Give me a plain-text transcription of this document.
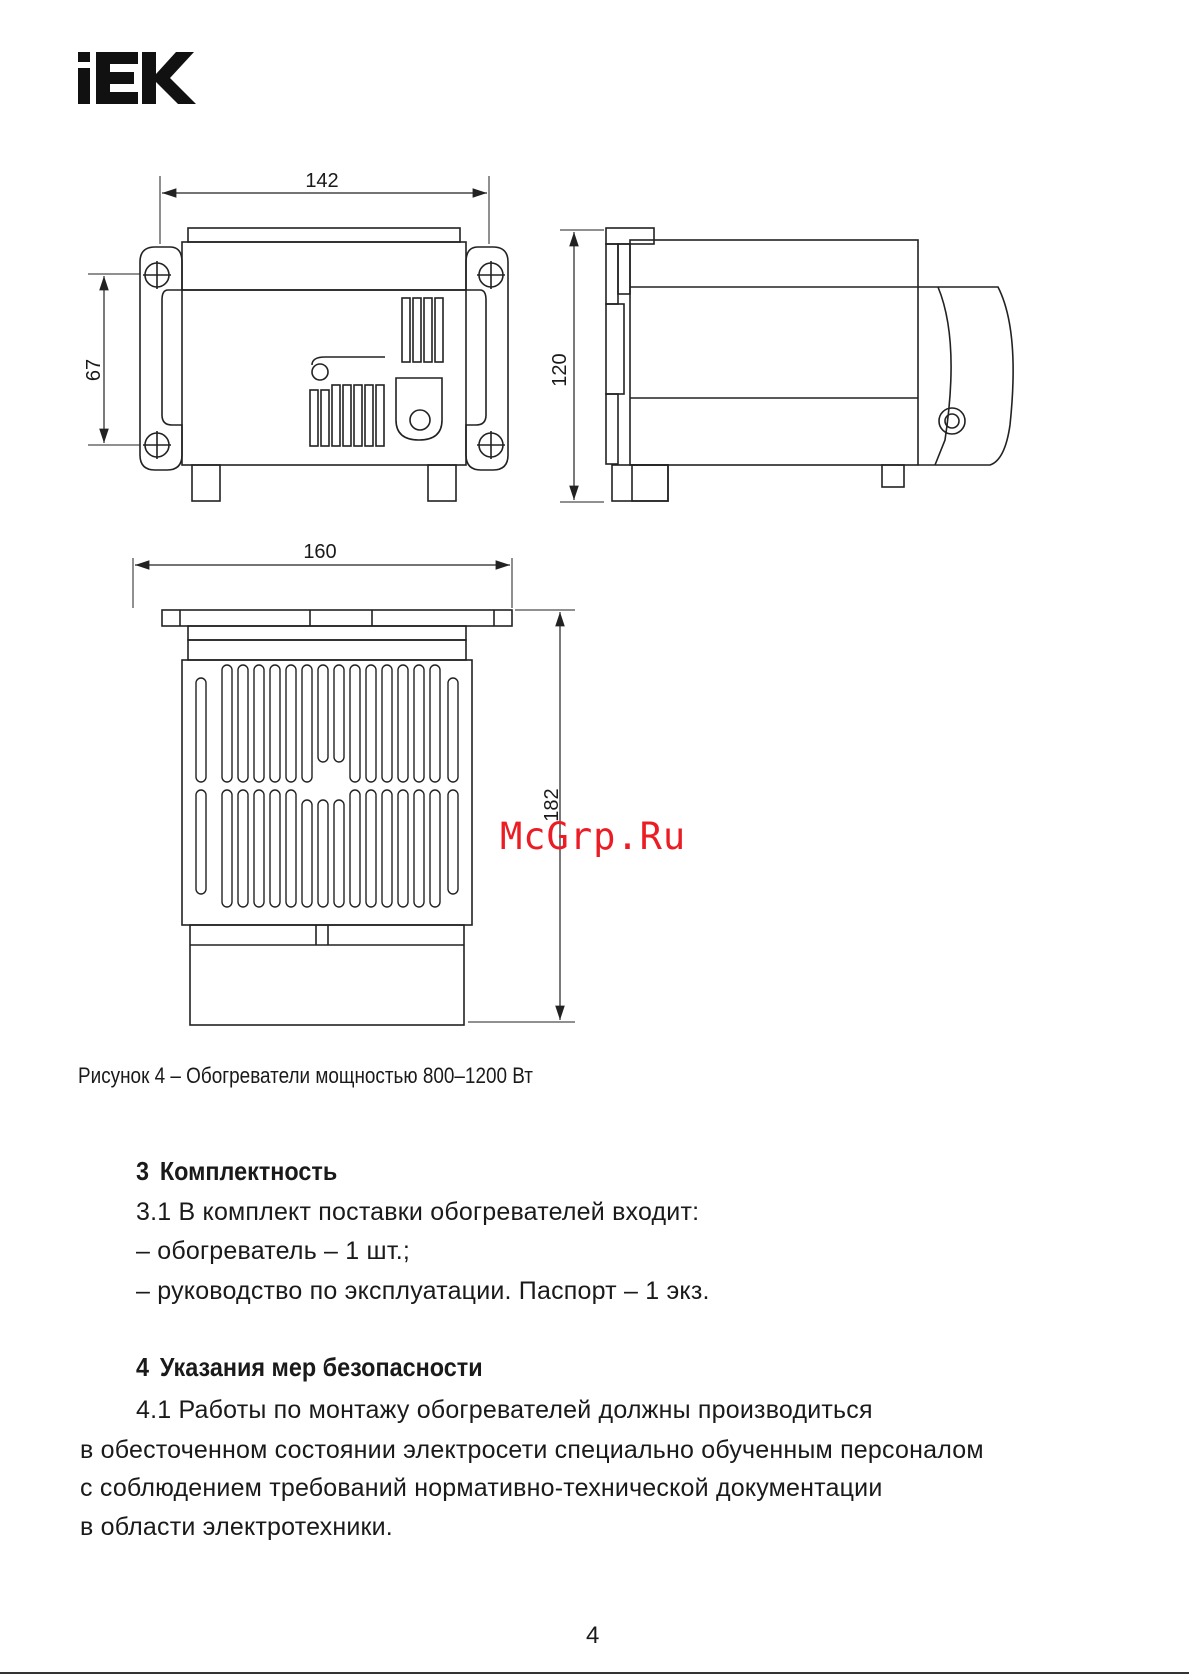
142
67	120
160
182
McGrp.Ru
Рисунок 4 – Обогреватели мощностью 800–1200 Вт
3 Комплектность
3.1 В комплект поставки обогревателей входит:
– обогреватель – 1 шт.;
– руководство по эксплуатации. Паспорт – 1 экз.
4 Указания мер безопасности
4.1 Работы по монтажу обогревателей должны производиться
в обесточенном состоянии электросети специально обученным персоналом
с соблюдением требований нормативно-технической документации
в области электротехники.
4
